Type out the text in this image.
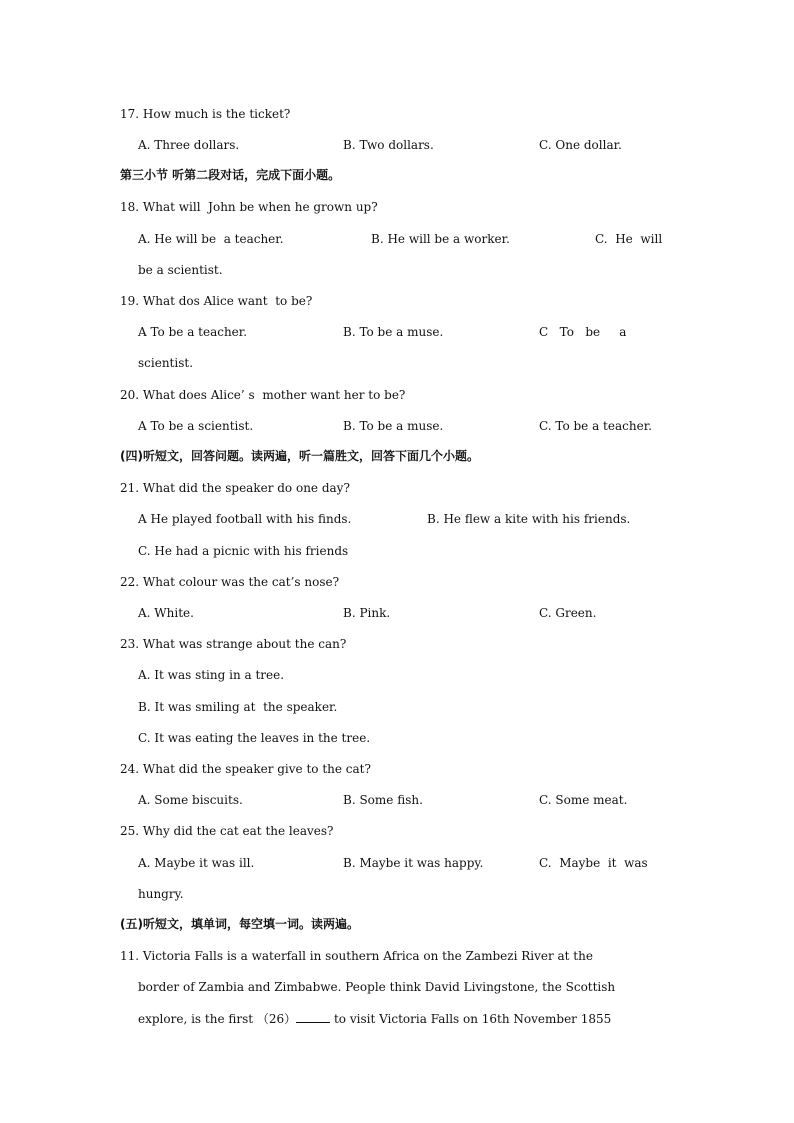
17. How much is the ticket?
A. Three dollars.	B. Two dollars.	C. One dollar.
第三小节 听第二段对话，完成下面小题。
18. What will  John be when he grown up?
A. He will be  a teacher.	B. He will be a worker.	C.  He  will
be a scientist.
19. What dos Alice want  to be?
A To be a teacher.	B. To be a muse.	C   To   be     a
scientist.
20. What does Alice’ s  mother want her to be?
A To be a scientist.	B. To be a muse.	C. To be a teacher.
(四)听短文，回答问题。读两遍，听一篇胜文，回答下面几个小题。
21. What did the speaker do one day?
A He played football with his finds.	B. He flew a kite with his friends.
C. He had a picnic with his friends
22. What colour was the cat’s nose?
A. White.	B. Pink.	C. Green.
23. What was strange about the can?
A. It was sting in a tree.
B. It was smiling at  the speaker.
C. It was eating the leaves in the tree.
24. What did the speaker give to the cat?
A. Some biscuits.	B. Some fish.	C. Some meat.
25. Why did the cat eat the leaves?
A. Maybe it was ill.	B. Maybe it was happy.	C.  Maybe  it  was
hungry.
(五)听短文，填单词，每空填一词。读两遍。
11. Victoria Falls is a waterfall in southern Africa on the Zambezi River at the
border of Zambia and Zimbabwe. People think David Livingstone, the Scottish
explore, is the first （26）	to visit Victoria Falls on 16th November 1855
